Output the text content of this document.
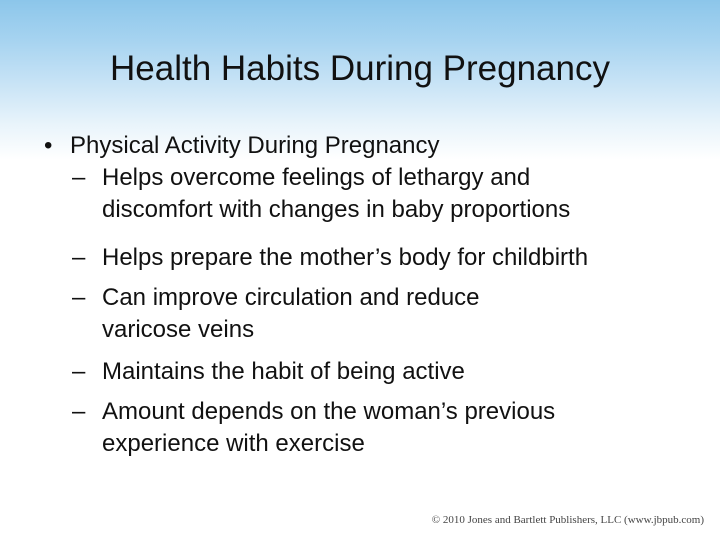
Health Habits During Pregnancy
• Physical Activity During Pregnancy
– Helps overcome feelings of lethargy and
discomfort with changes in baby proportions
– Helps prepare the mother’s body for childbirth
– Can improve circulation and reduce
varicose veins
– Maintains the habit of being active
– Amount depends on the woman’s previous
experience with exercise
© 2010 Jones and Bartlett Publishers, LLC (www.jbpub.com)
